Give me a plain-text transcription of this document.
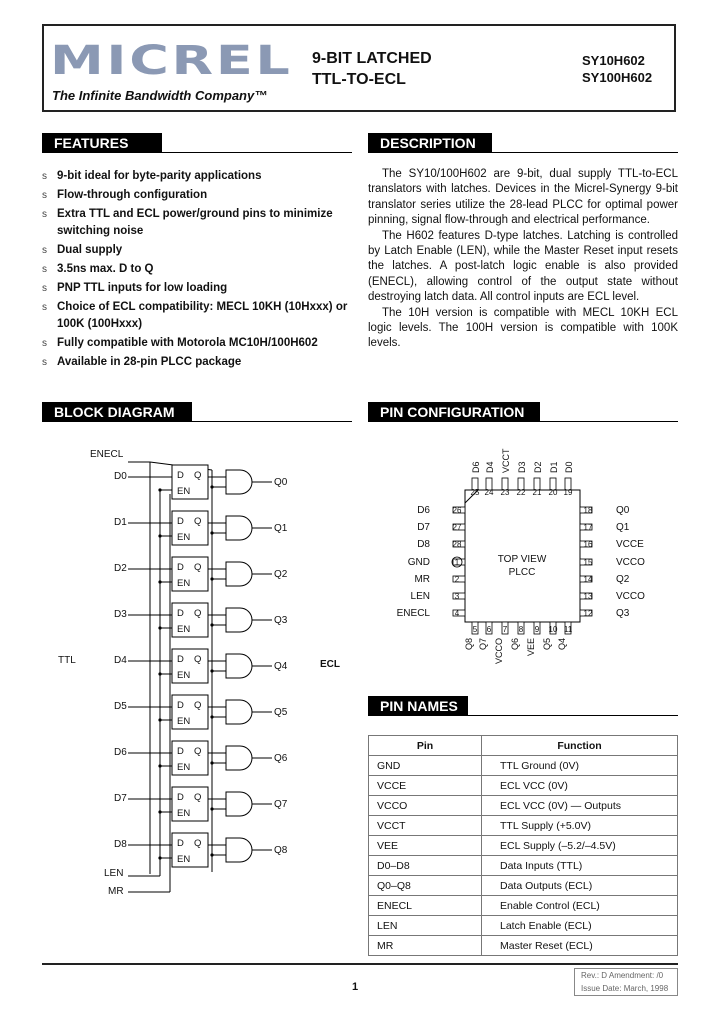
MICREL
The Infinite Bandwidth Company™
9-BIT LATCHED
TTL-TO-ECL
SY10H602
SY100H602
FEATURES
s 9-bit ideal for byte-parity applications
s Flow-through configuration
s Extra TTL and ECL power/ground pins to minimize switching noise
s Dual supply
s 3.5ns max. D to Q
s PNP TTL inputs for low loading
s Choice of ECL compatibility: MECL 10KH (10Hxxx) or 100K (100Hxxx)
s Fully compatible with Motorola MC10H/100H602
s Available in 28-pin PLCC package
DESCRIPTION

The SY10/100H602 are 9-bit, dual supply TTL-to-ECL translators with latches. Devices in the Micrel-Synergy 9-bit translator series utilize the 28-lead PLCC for optimal power pinning, signal flow-through and electrical performance.

The H602 features D-type latches. Latching is controlled by Latch Enable (LEN), while the Master Reset input resets the latches. A post-latch logic enable is also provided (ENECL), allowing control of the output state without destroying latch data. All control inputs are ECL level.

The 10H version is compatible with MECL 10KH ECL logic levels. The 100H version is compatible with 100K levels.

BLOCK DIAGRAM
ENECL
TTL	ECL
LEN
MR
D0	D Q
EN
Q0
D1	D Q
EN
Q1
D2	D Q
EN
Q2
D3	D Q
EN
Q3
D4	D Q
EN
Q4
D5	D Q
EN
Q5
D6	D Q
EN
Q6
D7	D Q
EN
Q7
D8	D Q
EN
Q8
PIN CONFIGURATION
TOP VIEW
PLCC
25
D6
24
D4
23
VCCT
22
D3
21
D2
20
D1
19
D0
5
Q8
6
Q7
7
VCCO
8
Q6
9
VEE
10
Q5
11
Q4
26
D6
27
D7
28
D8
1
GND
2
MR
3
LEN
4
ENECL
18 Q0
17 Q1
16 VCCE
15 VCCO
14 Q2
13 VCCO
12 Q3
PIN NAMES
Pin	Function
GND	TTL Ground (0V)
VCCE	ECL VCC (0V)
VCCO	ECL VCC (0V) — Outputs
VCCT	TTL Supply (+5.0V)
VEE	ECL Supply (–5.2/–4.5V)
D0–D8	Data Inputs (TTL)
Q0–Q8	Data Outputs (ECL)
ENECL	Enable Control (ECL)
LEN	Latch Enable (ECL)
MR	Master Reset (ECL)
1
Rev.: D Amendment: /0
Issue Date: March, 1998
